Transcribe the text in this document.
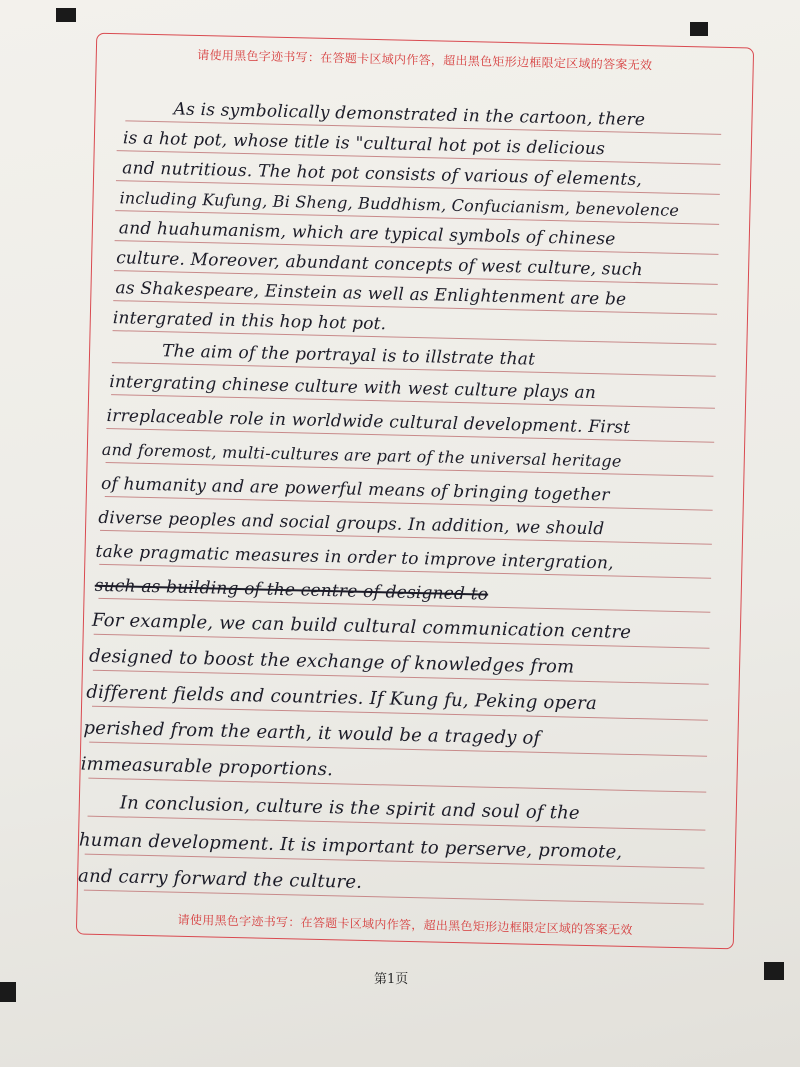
请使用黑色字迹书写：在答题卡区域内作答，超出黑色矩形边框限定区域的答案无效
As is symbolically demonstrated in the cartoon, there
is a hot pot, whose title is "cultural hot pot is delicious
and nutritious. The hot pot consists of various of elements,
including Kufung, Bi Sheng, Buddhism, Confucianism, benevolence
and huahumanism, which are typical symbols of chinese
culture. Moreover, abundant concepts of west culture, such
as Shakespeare, Einstein as well as Enlightenment are be
intergrated in this hop hot pot.
The aim of the portrayal is to illstrate that
intergrating chinese culture with west culture plays an
irreplaceable role in worldwide cultural development. First
and foremost, multi-cultures are part of the universal heritage
of humanity and are powerful means of bringing together
diverse peoples and social groups. In addition, we should
take pragmatic measures in order to improve intergration,
such as building of the centre of designed to
For example, we can build cultural communication centre
designed to boost the exchange of knowledges from
different fields and countries. If Kung fu, Peking opera
perished from the earth, it would be a tragedy of
immeasurable proportions.
In conclusion, culture is the spirit and soul of the
human development. It is important to perserve, promote,
and carry forward the culture.
请使用黑色字迹书写：在答题卡区域内作答，超出黑色矩形边框限定区域的答案无效
第1页
